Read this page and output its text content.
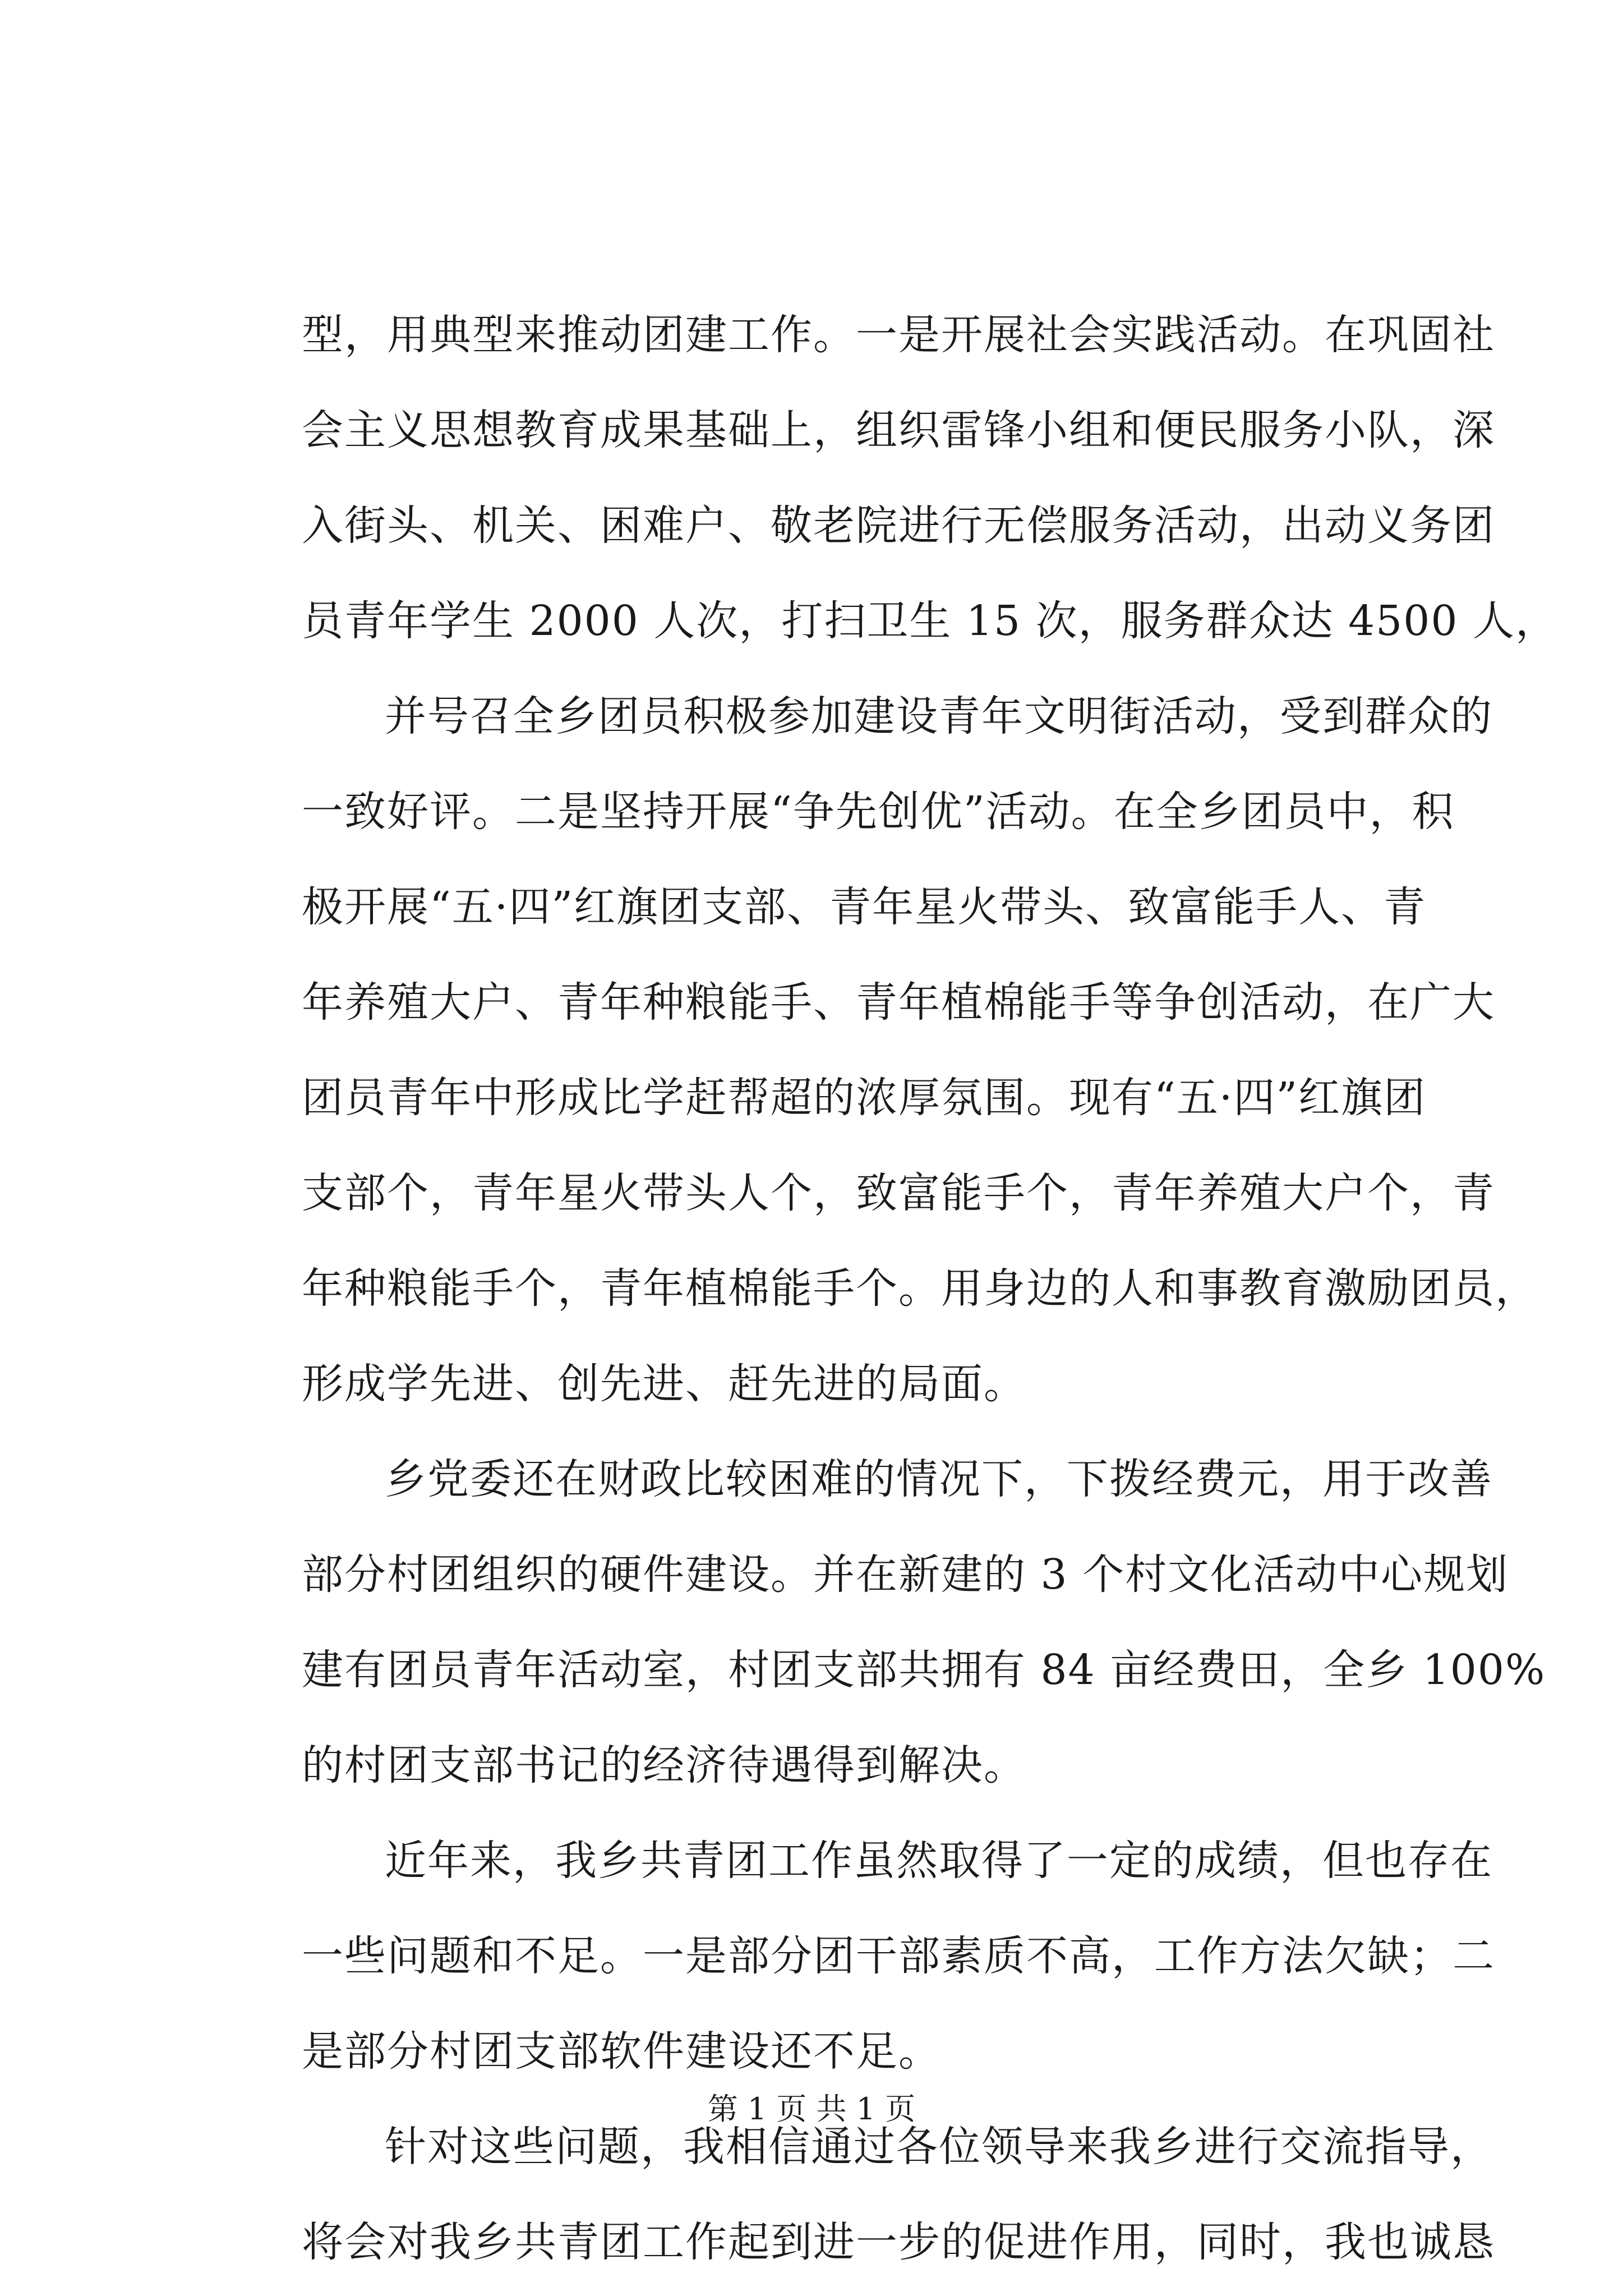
型，用典型来推动团建工作。一是开展社会实践活动。在巩固社
会主义思想教育成果基础上，组织雷锋小组和便民服务小队，深
入街头、机关、困难户、敬老院进行无偿服务活动，出动义务团
员青年学生 2000 人次，打扫卫生 15 次，服务群众达 4500 人，
并号召全乡团员积极参加建设青年文明街活动，受到群众的
一致好评。二是坚持开展“争先创优”活动。在全乡团员中，积
极开展“五·四”红旗团支部、青年星火带头、致富能手人、青
年养殖大户、青年种粮能手、青年植棉能手等争创活动，在广大
团员青年中形成比学赶帮超的浓厚氛围。现有“五·四”红旗团
支部个，青年星火带头人个，致富能手个，青年养殖大户个，青
年种粮能手个，青年植棉能手个。用身边的人和事教育激励团员，
形成学先进、创先进、赶先进的局面。
乡党委还在财政比较困难的情况下，下拨经费元，用于改善
部分村团组织的硬件建设。并在新建的 3 个村文化活动中心规划
建有团员青年活动室，村团支部共拥有 84 亩经费田，全乡 100%
的村团支部书记的经济待遇得到解决。
近年来，我乡共青团工作虽然取得了一定的成绩，但也存在
一些问题和不足。一是部分团干部素质不高，工作方法欠缺；二
是部分村团支部软件建设还不足。
针对这些问题，我相信通过各位领导来我乡进行交流指导，
将会对我乡共青团工作起到进一步的促进作用，同时，我也诚恳
第 1 页 共 1 页
